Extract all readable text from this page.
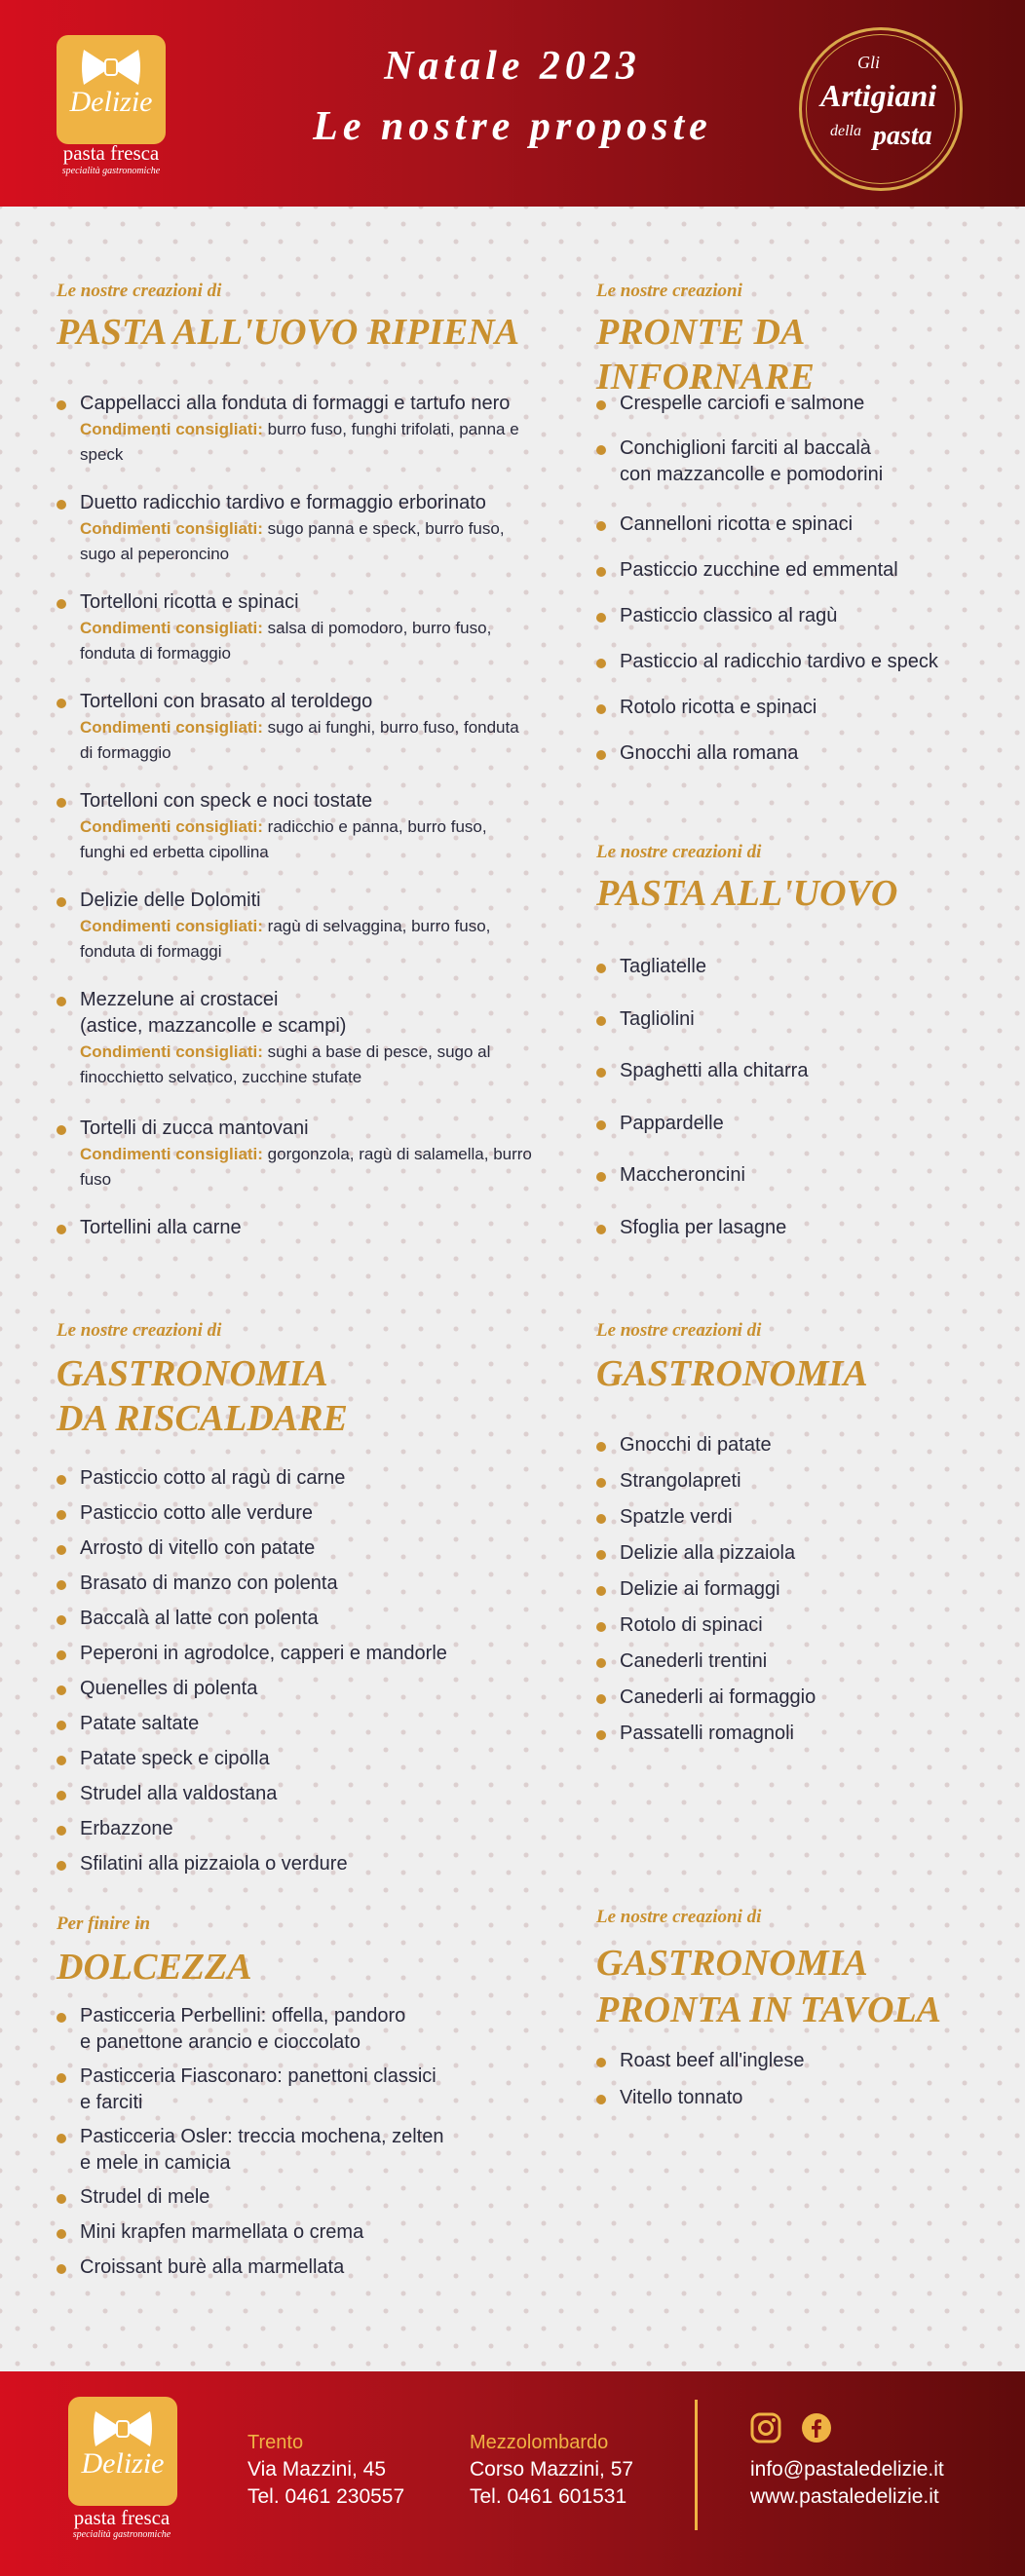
Delizie
pasta fresca
specialità gastronomiche
Natale 2023
Le nostre proposte
Gli
Artigiani
della pasta
Le nostre creazioni di
PASTA ALL'UOVO RIPIENA
Cappellacci alla fonduta di formaggi e tartufo nero
Condimenti consigliati: burro fuso, funghi trifolati, panna e speck
Duetto radicchio tardivo e formaggio erborinato
Condimenti consigliati: sugo panna e speck, burro fuso, sugo al peperoncino
Tortelloni ricotta e spinaci
Condimenti consigliati: salsa di pomodoro, burro fuso, fonduta di formaggio
Tortelloni con brasato al teroldego
Condimenti consigliati: sugo ai funghi, burro fuso, fonduta di formaggio
Tortelloni con speck e noci tostate
Condimenti consigliati: radicchio e panna, burro fuso, funghi ed erbetta cipollina
Delizie delle Dolomiti
Condimenti consigliati: ragù di selvaggina, burro fuso, fonduta di formaggi
Mezzelune ai crostacei
(astice, mazzancolle e scampi)
Condimenti consigliati: sughi a base di pesce, sugo al finocchietto selvatico, zucchine stufate
Tortelli di zucca mantovani
Condimenti consigliati: gorgonzola, ragù di salamella, burro fuso
Tortellini alla carne
Le nostre creazioni
PRONTE DA INFORNARE
Crespelle carciofi e salmone
Conchiglioni farciti al baccalà
con mazzancolle e pomodorini
Cannelloni ricotta e spinaci
Pasticcio zucchine ed emmental
Pasticcio classico al ragù
Pasticcio al radicchio tardivo e speck
Rotolo ricotta e spinaci
Gnocchi alla romana
Le nostre creazioni di
PASTA ALL'UOVO
Tagliatelle
Tagliolini
Spaghetti alla chitarra
Pappardelle
Maccheroncini
Sfoglia per lasagne
Le nostre creazioni di
GASTRONOMIA
DA RISCALDARE
Pasticcio cotto al ragù di carne
Pasticcio cotto alle verdure
Arrosto di vitello con patate
Brasato di manzo con polenta
Baccalà al latte con polenta
Peperoni in agrodolce, capperi e mandorle
Quenelles di polenta
Patate saltate
Patate speck e cipolla
Strudel alla valdostana
Erbazzone
Sfilatini alla pizzaiola o verdure
Le nostre creazioni di
GASTRONOMIA
Gnocchi di patate
Strangolapreti
Spatzle verdi
Delizie alla pizzaiola
Delizie ai formaggi
Rotolo di spinaci
Canederli trentini
Canederli ai formaggio
Passatelli romagnoli
Per finire in
DOLCEZZA
Pasticceria Perbellini: offella, pandoro
e panettone arancio e cioccolato
Pasticceria Fiasconaro: panettoni classici
e farciti
Pasticceria Osler: treccia mochena, zelten
e mele in camicia
Strudel di mele
Mini krapfen marmellata o crema
Croissant burè alla marmellata
Le nostre creazioni di
GASTRONOMIA
PRONTA IN TAVOLA
Roast beef all'inglese
Vitello tonnato
Delizie
pasta fresca
specialità gastronomiche
Trento
Via Mazzini, 45
Tel. 0461 230557
Mezzolombardo
Corso Mazzini, 57
Tel. 0461 601531
info@pastaledelizie.it
www.pastaledelizie.it
